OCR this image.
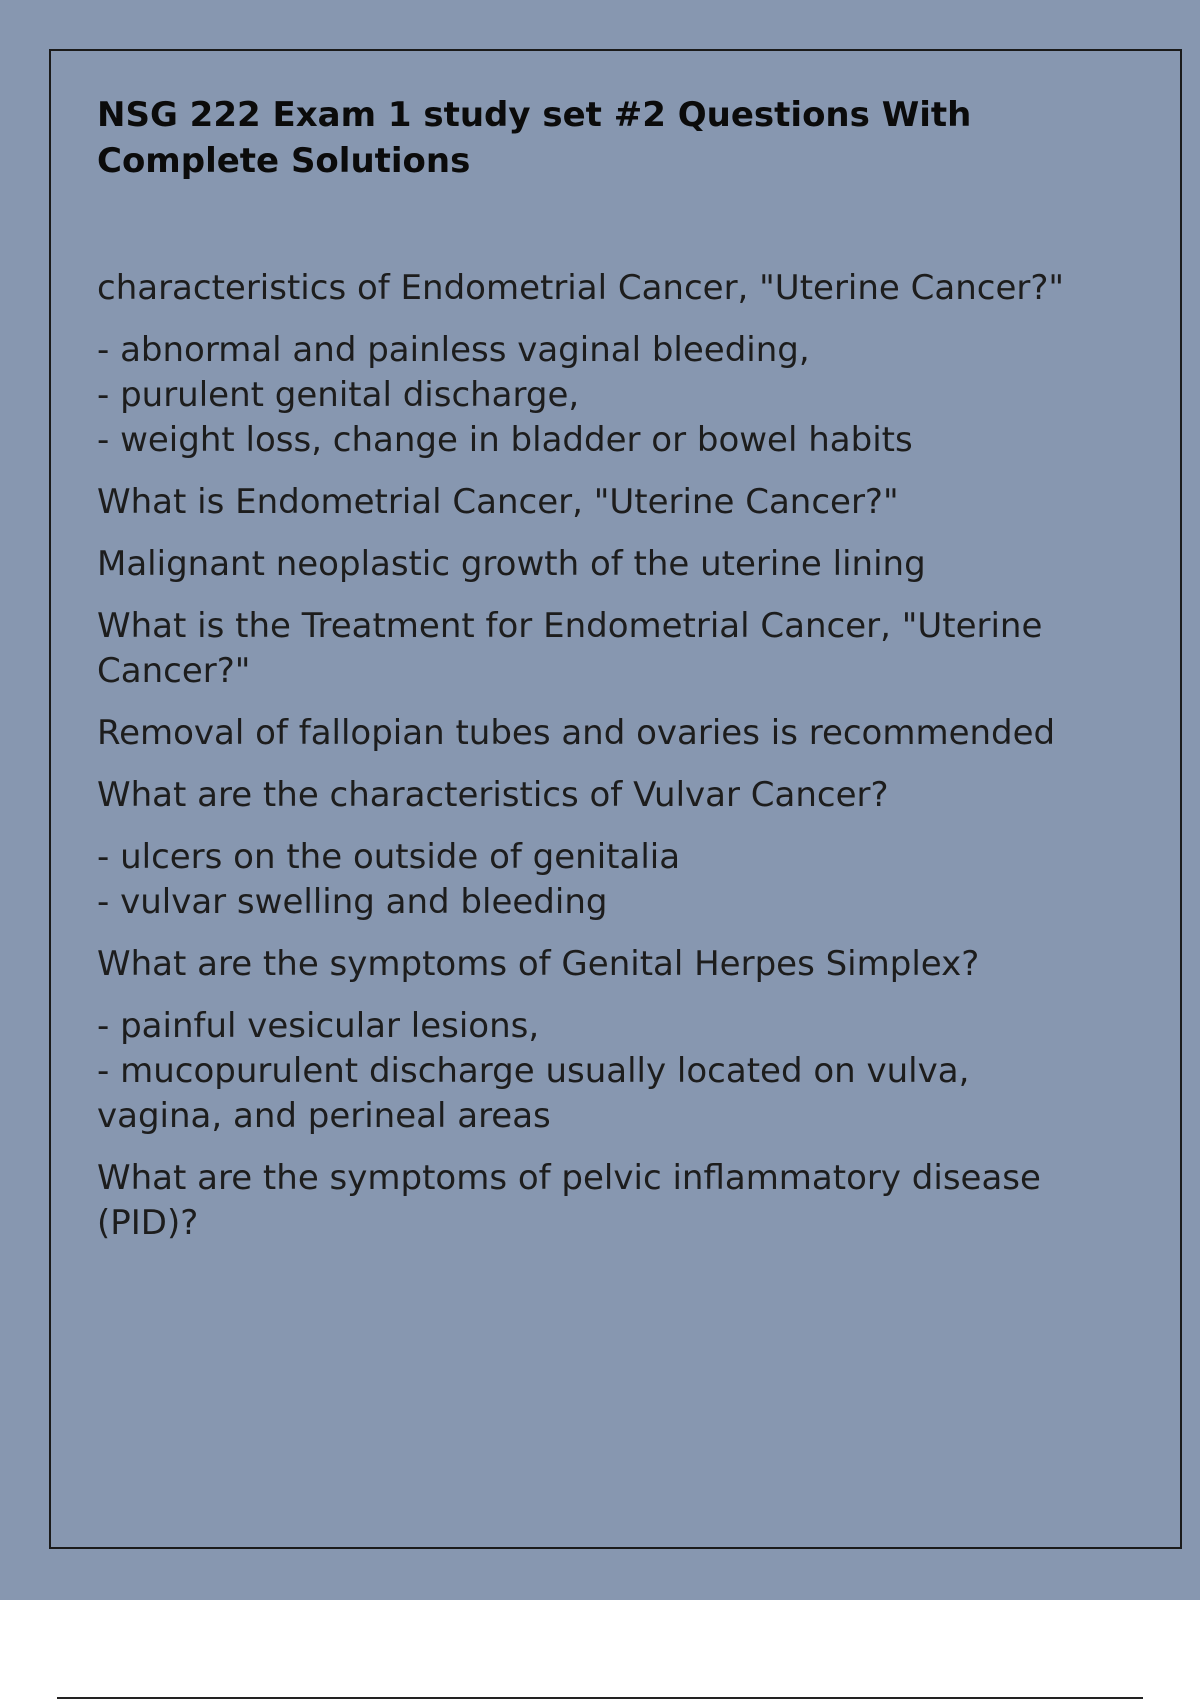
NSG 222 Exam 1 study set #2 Questions With Complete Solutions

characteristics of Endometrial Cancer, "Uterine Cancer?"

- abnormal and painless vaginal bleeding,
- purulent genital discharge,
- weight loss, change in bladder or bowel habits

What is Endometrial Cancer, "Uterine Cancer?"

Malignant neoplastic growth of the uterine lining

What is the Treatment for Endometrial Cancer, "Uterine Cancer?"

Removal of fallopian tubes and ovaries is recommended

What are the characteristics of Vulvar Cancer?

- ulcers on the outside of genitalia
- vulvar swelling and bleeding

What are the symptoms of Genital Herpes Simplex?

- painful vesicular lesions,
- mucopurulent discharge usually located on vulva, vagina, and perineal areas

What are the symptoms of pelvic inflammatory disease (PID)?
